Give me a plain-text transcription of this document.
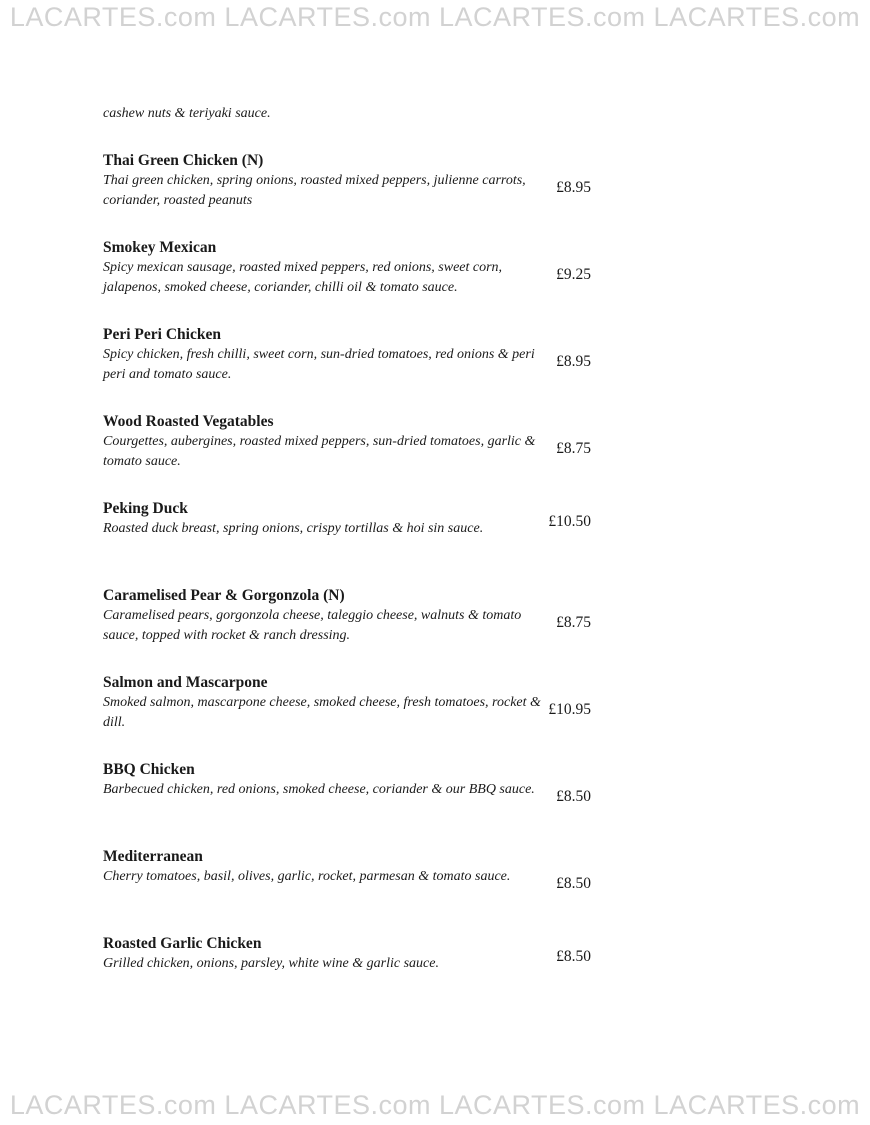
LACARTES.com LACARTES.com LACARTES.com LACARTES.com
cashew nuts & teriyaki sauce.
Thai Green Chicken (N)
Thai green chicken, spring onions, roasted mixed peppers, julienne carrots, coriander, roasted peanuts
£8.95
Smokey Mexican
Spicy mexican sausage, roasted mixed peppers, red onions, sweet corn, jalapenos, smoked cheese, coriander, chilli oil & tomato sauce.
£9.25
Peri Peri Chicken
Spicy chicken, fresh chilli, sweet corn, sun-dried tomatoes, red onions & peri peri and tomato sauce.
£8.95
Wood Roasted Vegatables
Courgettes, aubergines, roasted mixed peppers, sun-dried tomatoes, garlic & tomato sauce.
£8.75
Peking Duck
Roasted duck breast, spring onions, crispy tortillas & hoi sin sauce.	£10.50
Caramelised Pear & Gorgonzola (N)
Caramelised pears, gorgonzola cheese, taleggio cheese, walnuts & tomato sauce, topped with rocket & ranch dressing.
£8.75
Salmon and Mascarpone
Smoked salmon, mascarpone cheese, smoked cheese, fresh tomatoes, rocket & dill.
£10.95
BBQ Chicken
Barbecued chicken, red onions, smoked cheese, coriander & our BBQ sauce.	£8.50
Mediterranean
Cherry tomatoes, basil, olives, garlic, rocket, parmesan & tomato sauce.	£8.50
Roasted Garlic Chicken
Grilled chicken, onions, parsley, white wine & garlic sauce.	£8.50
LACARTES.com LACARTES.com LACARTES.com LACARTES.com
